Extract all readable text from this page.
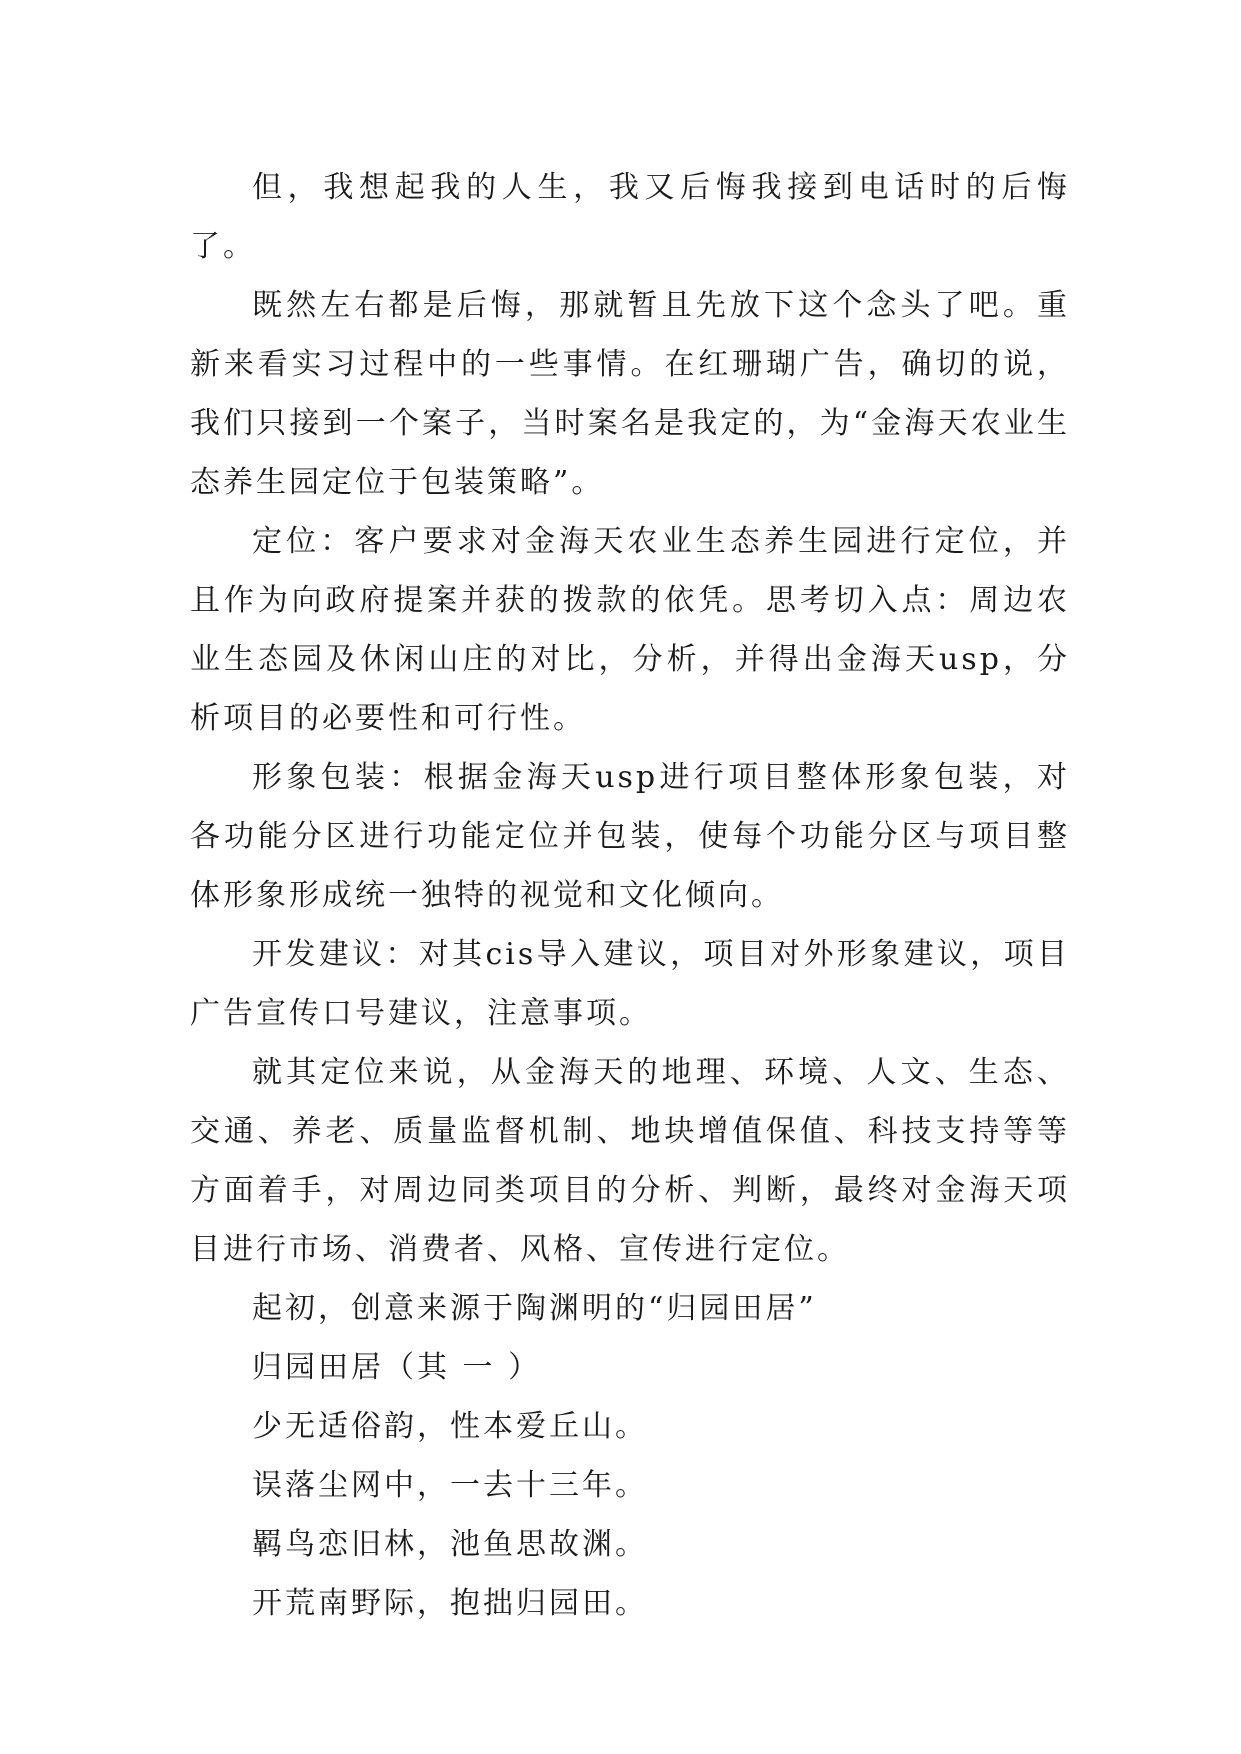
但，我想起我的人生，我又后悔我接到电话时的后悔了。

既然左右都是后悔，那就暂且先放下这个念头了吧。重新来看实习过程中的一些事情。在红珊瑚广告，确切的说，我们只接到一个案子，当时案名是我定的，为“金海天农业生态养生园定位于包装策略”。

定位：客户要求对金海天农业生态养生园进行定位，并且作为向政府提案并获的拨款的依凭。思考切入点：周边农业生态园及休闲山庄的对比，分析，并得出金海天usp，分析项目的必要性和可行性。

形象包装：根据金海天usp进行项目整体形象包装，对各功能分区进行功能定位并包装，使每个功能分区与项目整体形象形成统一独特的视觉和文化倾向。

开发建议：对其cis导入建议，项目对外形象建议，项目广告宣传口号建议，注意事项。

就其定位来说，从金海天的地理、环境、人文、生态、交通、养老、质量监督机制、地块增值保值、科技支持等等方面着手，对周边同类项目的分析、判断，最终对金海天项目进行市场、消费者、风格、宣传进行定位。

起初，创意来源于陶渊明的“归园田居”

归园田居（其 一 ）

少无适俗韵，性本爱丘山。

误落尘网中，一去十三年。

羁鸟恋旧林，池鱼思故渊。

开荒南野际，抱拙归园田。
